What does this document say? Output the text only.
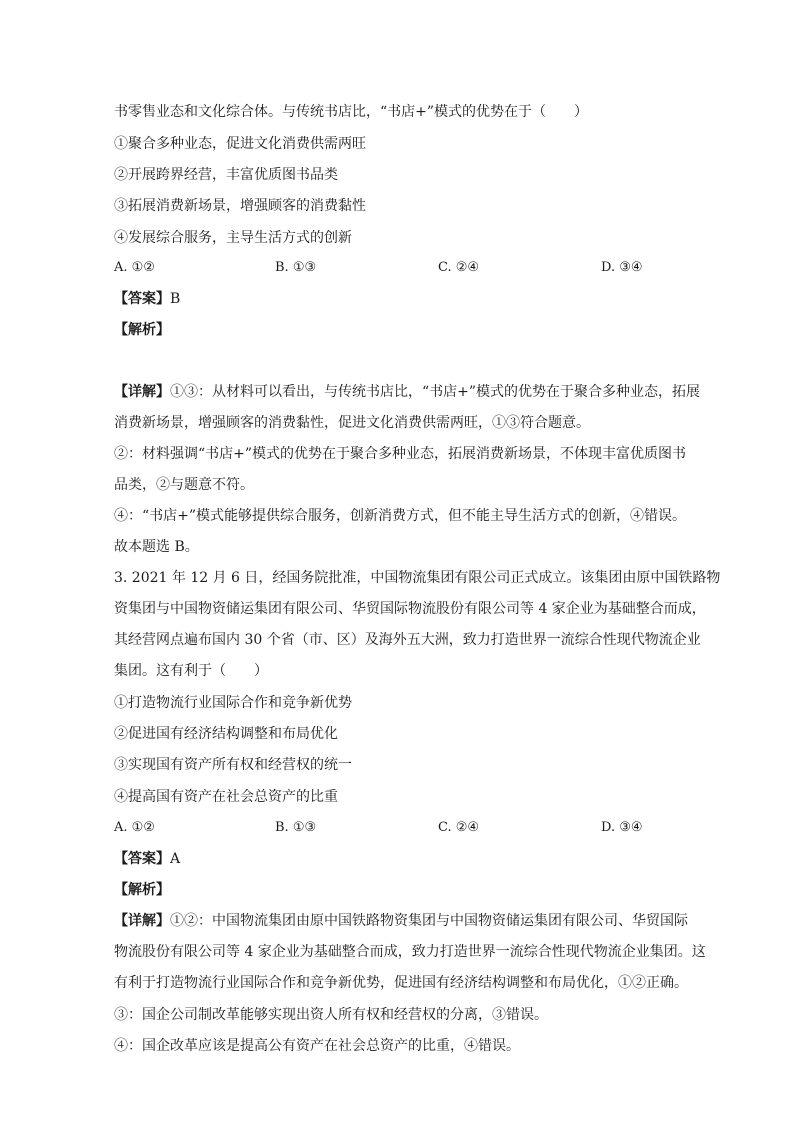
书零售业态和文化综合体。与传统书店比，“书店+”模式的优势在于（　　）
①聚合多种业态，促进文化消费供需两旺
②开展跨界经营，丰富优质图书品类
③拓展消费新场景，增强顾客的消费黏性
④发展综合服务，主导生活方式的创新
A. ①②	B. ①③	C. ②④	D. ③④
【答案】B
【解析】
【详解】①③：从材料可以看出，与传统书店比，“书店+”模式的优势在于聚合多种业态，拓展
消费新场景，增强顾客的消费黏性，促进文化消费供需两旺，①③符合题意。
②：材料强调“书店+”模式的优势在于聚合多种业态，拓展消费新场景，不体现丰富优质图书
品类，②与题意不符。
④：“书店+”模式能够提供综合服务，创新消费方式，但不能主导生活方式的创新，④错误。
故本题选 B。
3. 2021 年 12 月 6 日，经国务院批准，中国物流集团有限公司正式成立。该集团由原中国铁路物
资集团与中国物资储运集团有限公司、华贸国际物流股份有限公司等 4 家企业为基础整合而成，
其经营网点遍布国内 30 个省（市、区）及海外五大洲，致力打造世界一流综合性现代物流企业
集团。这有利于（　　）
①打造物流行业国际合作和竞争新优势
②促进国有经济结构调整和布局优化
③实现国有资产所有权和经营权的统一
④提高国有资产在社会总资产的比重
A. ①②	B. ①③	C. ②④	D. ③④
【答案】A
【解析】
【详解】①②：中国物流集团由原中国铁路物资集团与中国物资储运集团有限公司、华贸国际
物流股份有限公司等 4 家企业为基础整合而成，致力打造世界一流综合性现代物流企业集团。这
有利于打造物流行业国际合作和竞争新优势，促进国有经济结构调整和布局优化，①②正确。
③：国企公司制改革能够实现出资人所有权和经营权的分离，③错误。
④：国企改革应该是提高公有资产在社会总资产的比重，④错误。
